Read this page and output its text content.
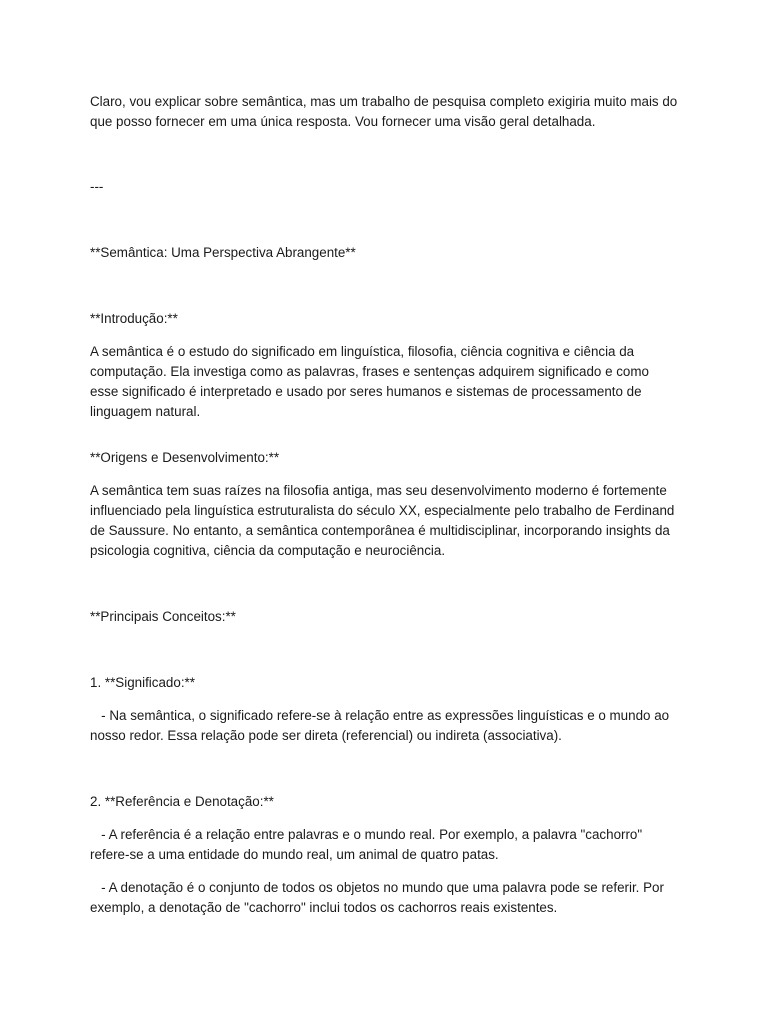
Claro, vou explicar sobre semântica, mas um trabalho de pesquisa completo exigiria muito mais do que posso fornecer em uma única resposta. Vou fornecer uma visão geral detalhada.

---

**Semântica: Uma Perspectiva Abrangente**

**Introdução:**

A semântica é o estudo do significado em linguística, filosofia, ciência cognitiva e ciência da computação. Ela investiga como as palavras, frases e sentenças adquirem significado e como esse significado é interpretado e usado por seres humanos e sistemas de processamento de linguagem natural.

**Origens e Desenvolvimento:**

A semântica tem suas raízes na filosofia antiga, mas seu desenvolvimento moderno é fortemente influenciado pela linguística estruturalista do século XX, especialmente pelo trabalho de Ferdinand de Saussure. No entanto, a semântica contemporânea é multidisciplinar, incorporando insights da psicologia cognitiva, ciência da computação e neurociência.

**Principais Conceitos:**

1. **Significado:**

- Na semântica, o significado refere-se à relação entre as expressões linguísticas e o mundo ao nosso redor. Essa relação pode ser direta (referencial) ou indireta (associativa).

2. **Referência e Denotação:**

- A referência é a relação entre palavras e o mundo real. Por exemplo, a palavra "cachorro" refere-se a uma entidade do mundo real, um animal de quatro patas.

- A denotação é o conjunto de todos os objetos no mundo que uma palavra pode se referir. Por exemplo, a denotação de "cachorro" inclui todos os cachorros reais existentes.
